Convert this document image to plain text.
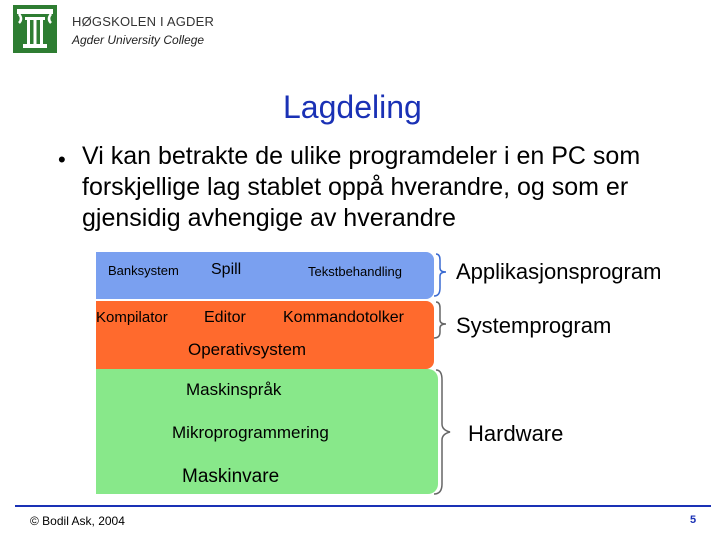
HØGSKOLEN I AGDER
Agder University College
Lagdeling
• Vi kan betrakte de ulike programdeler i en PC som forskjellige lag stablet oppå hverandre, og som er gjensidig avhengige av hverandre
Banksystem Spill	Tekstbehandling
Kompilator Editor Kommandotolker
Operativsystem
Maskinspråk
Mikroprogrammering
Maskinvare
Applikasjonsprogram
Systemprogram
Hardware
© Bodil Ask, 2004	5
